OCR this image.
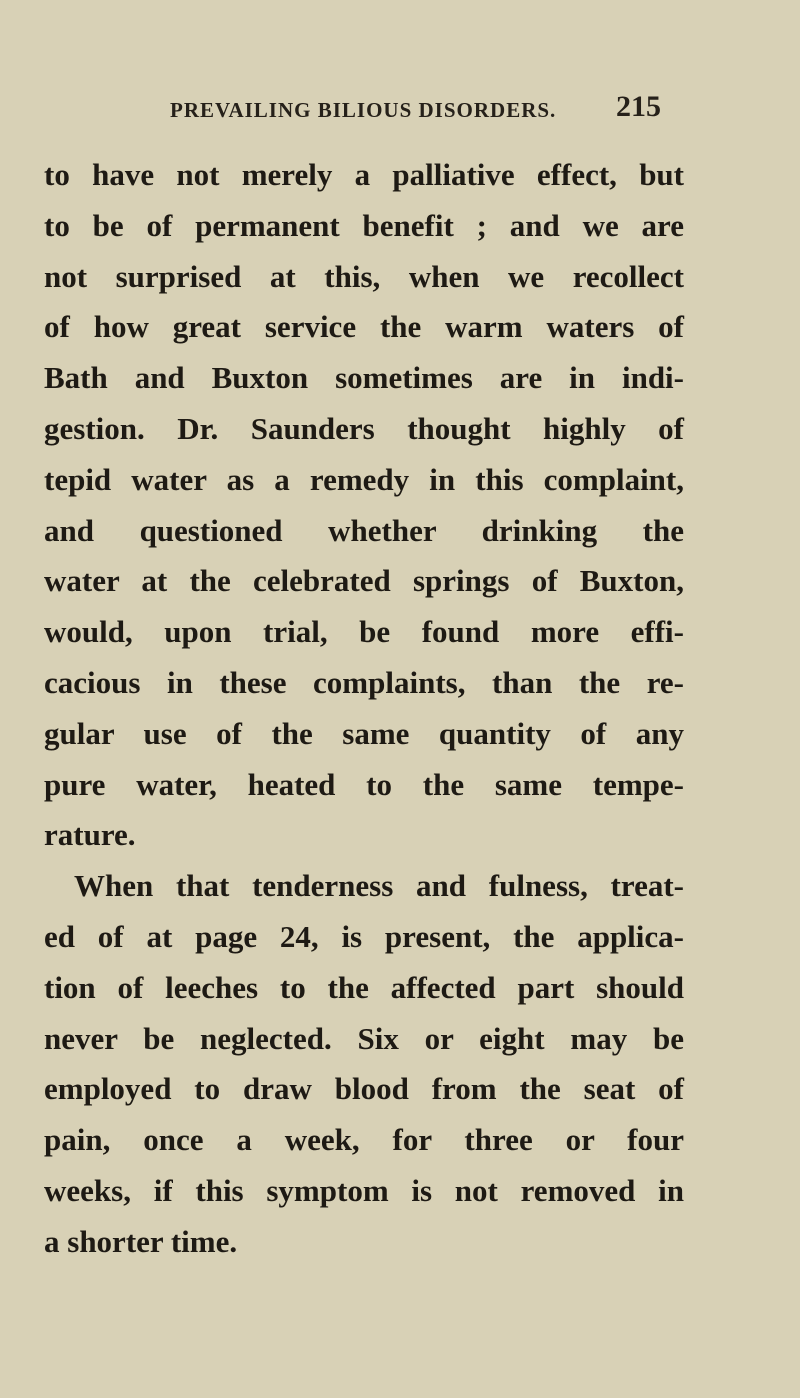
PREVAILING BILIOUS DISORDERS. 215
to have not merely a palliative effect, but
to be of permanent benefit ; and we are
not surprised at this, when we recollect
of how great service the warm waters of
Bath and Buxton sometimes are in indi-
gestion. Dr. Saunders thought highly of
tepid water as a remedy in this complaint,
and questioned whether drinking the
water at the celebrated springs of Buxton,
would, upon trial, be found more effi-
cacious in these complaints, than the re-
gular use of the same quantity of any
pure water, heated to the same tempe-
rature.
When that tenderness and fulness, treat-
ed of at page 24, is present, the applica-
tion of leeches to the affected part should
never be neglected. Six or eight may be
employed to draw blood from the seat of
pain, once a week, for three or four
weeks, if this symptom is not removed in
a shorter time.
